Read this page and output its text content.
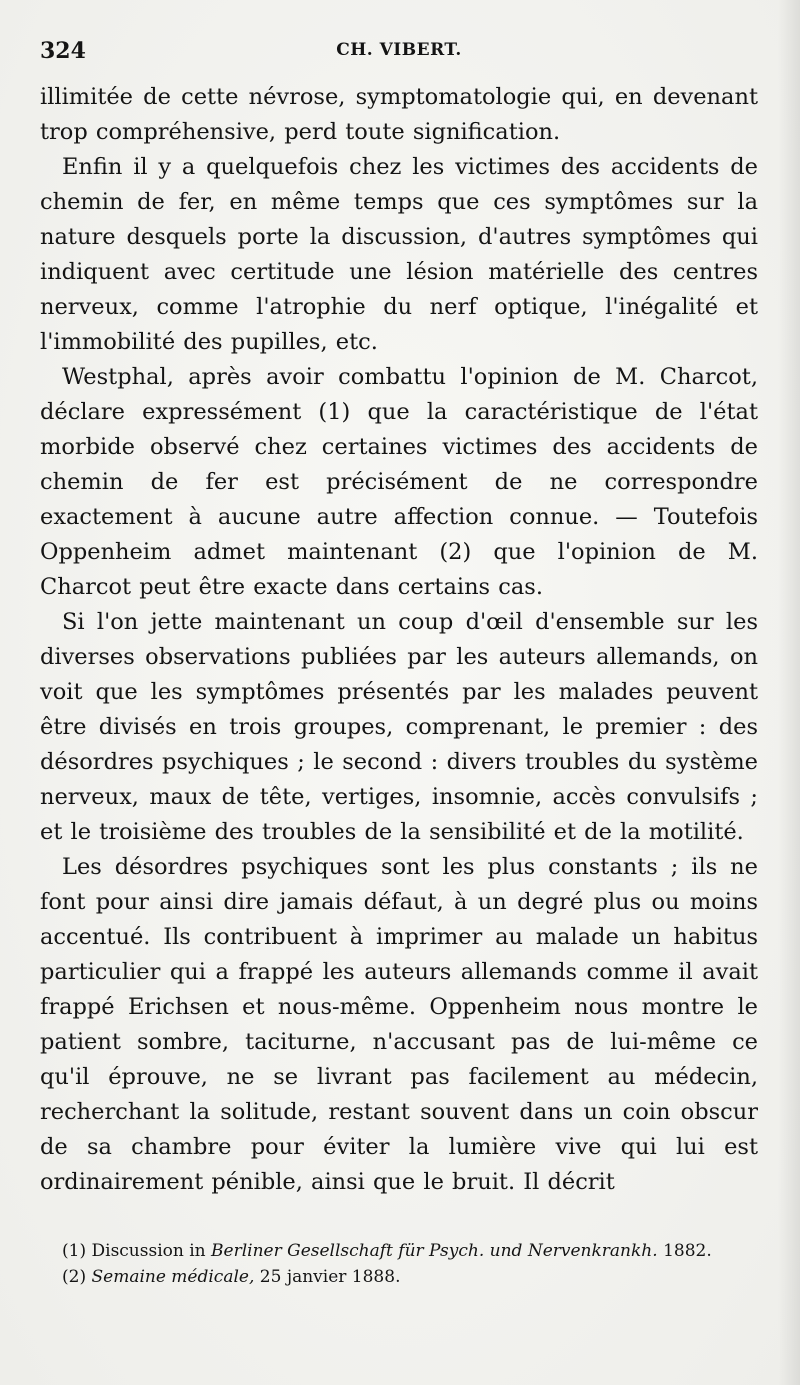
324	CH. VIBERT.

illimitée de cette névrose, symptomatologie qui, en devenant trop compréhensive, perd toute signification.

Enfin il y a quelquefois chez les victimes des accidents de chemin de fer, en même temps que ces symptômes sur la nature desquels porte la discussion, d'autres symptômes qui indiquent avec certitude une lésion matérielle des centres nerveux, comme l'atrophie du nerf optique, l'inégalité et l'immobilité des pupilles, etc.

Westphal, après avoir combattu l'opinion de M. Charcot, déclare expressément (1) que la caractéristique de l'état morbide observé chez certaines victimes des accidents de chemin de fer est précisément de ne correspondre exactement à aucune autre affection connue. — Toutefois Oppenheim admet maintenant (2) que l'opinion de M. Charcot peut être exacte dans certains cas.

Si l'on jette maintenant un coup d'œil d'ensemble sur les diverses observations publiées par les auteurs allemands, on voit que les symptômes présentés par les malades peuvent être divisés en trois groupes, comprenant, le premier : des désordres psychiques ; le second : divers troubles du système nerveux, maux de tête, vertiges, insomnie, accès convulsifs ; et le troisième des troubles de la sensibilité et de la motilité.

Les désordres psychiques sont les plus constants ; ils ne font pour ainsi dire jamais défaut, à un degré plus ou moins accentué. Ils contribuent à imprimer au malade un habitus particulier qui a frappé les auteurs allemands comme il avait frappé Erichsen et nous-même. Oppenheim nous montre le patient sombre, taciturne, n'accusant pas de lui-même ce qu'il éprouve, ne se livrant pas facilement au médecin, recherchant la solitude, restant souvent dans un coin obscur de sa chambre pour éviter la lumière vive qui lui est ordinairement pénible, ainsi que le bruit. Il décrit

(1) Discussion in Berliner Gesellschaft für Psych. und Nervenkrankh. 1882.

(2) Semaine médicale, 25 janvier 1888.
